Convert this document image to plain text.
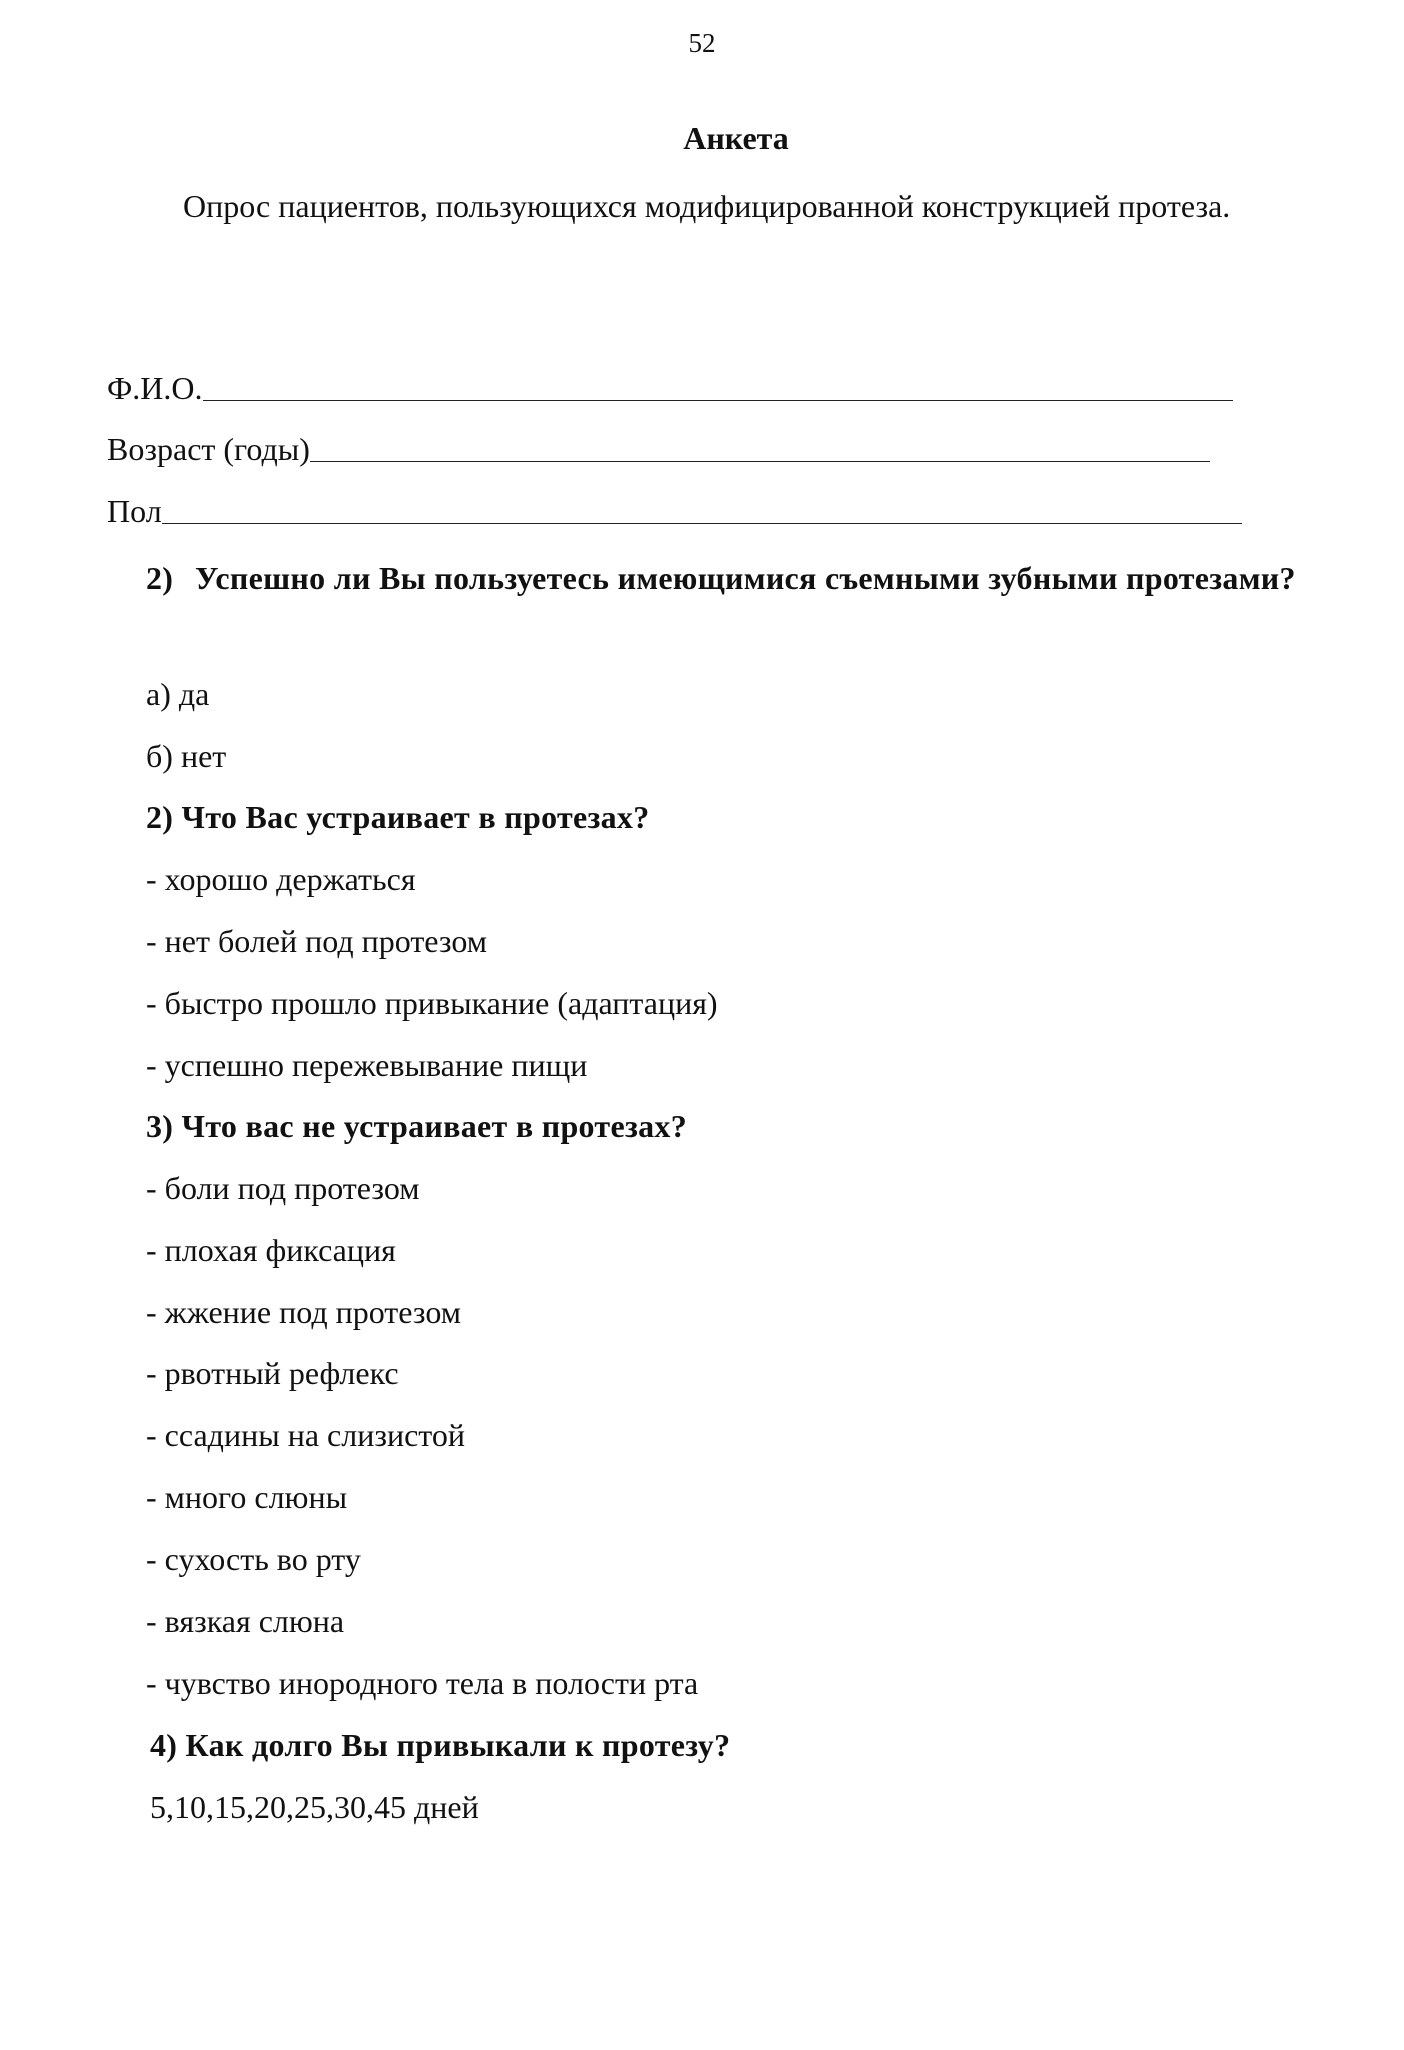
52
Анкета
Опрос пациентов, пользующихся модифицированной конструкцией протеза.
Ф.И.О.
Возраст (годы)
Пол
2) Успешно ли Вы пользуетесь имеющимися съемными зубными протезами?
а) да
б) нет
2) Что Вас устраивает в протезах?
- хорошо держаться
- нет болей под протезом
- быстро прошло привыкание (адаптация)
- успешно пережевывание пищи
3) Что вас не устраивает в протезах?
- боли под протезом
- плохая фиксация
- жжение под протезом
- рвотный рефлекс
- ссадины на слизистой
- много слюны
- сухость во рту
- вязкая слюна
- чувство инородного тела в полости рта
4) Как долго Вы привыкали к протезу?
5,10,15,20,25,30,45 дней
